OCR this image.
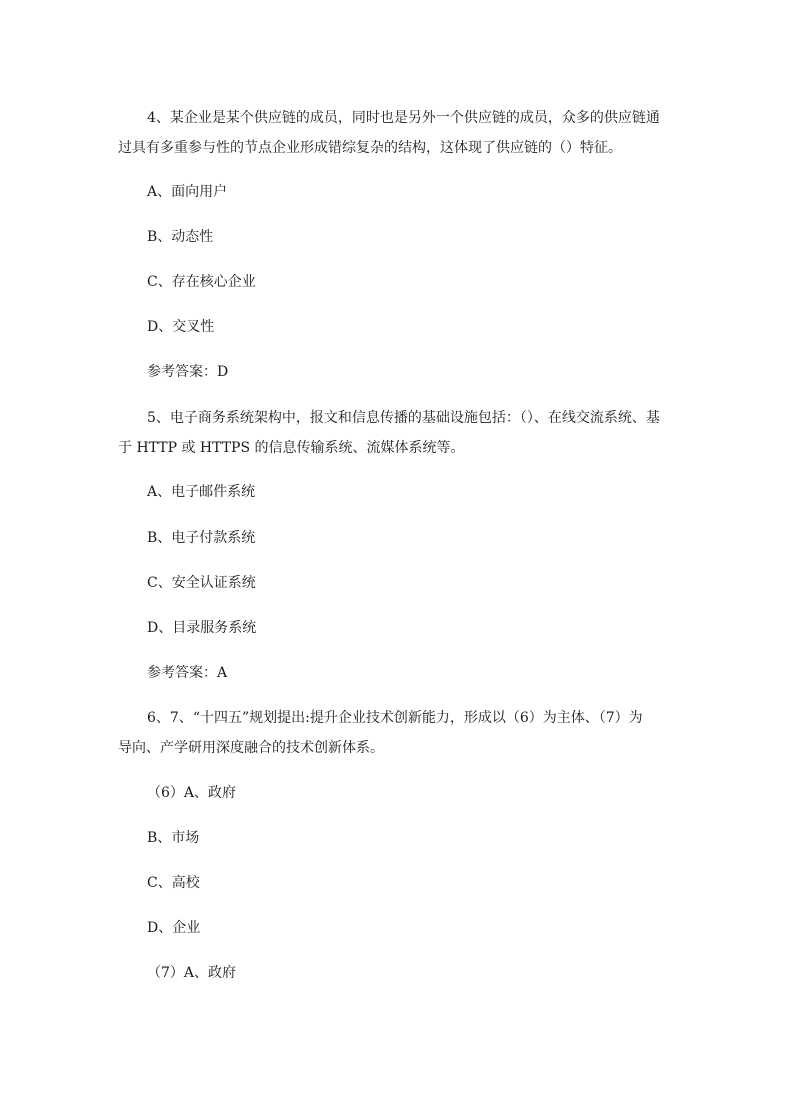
4、某企业是某个供应链的成员，同时也是另外一个供应链的成员，众多的供应链通
过具有多重参与性的节点企业形成错综复杂的结构，这体现了供应链的（）特征。
A、面向用户
B、动态性
C、存在核心企业
D、交叉性
参考答案：D
5、电子商务系统架构中，报文和信息传播的基础设施包括：（）、在线交流系统、基
于 HTTP 或 HTTPS 的信息传输系统、流媒体系统等。
A、电子邮件系统
B、电子付款系统
C、安全认证系统
D、目录服务系统
参考答案：A
6、7、“十四五”规划提出:提升企业技术创新能力，形成以（6）为主体、（7）为
导向、产学研用深度融合的技术创新体系。
（6）A、政府
B、市场
C、高校
D、企业
（7）A、政府
